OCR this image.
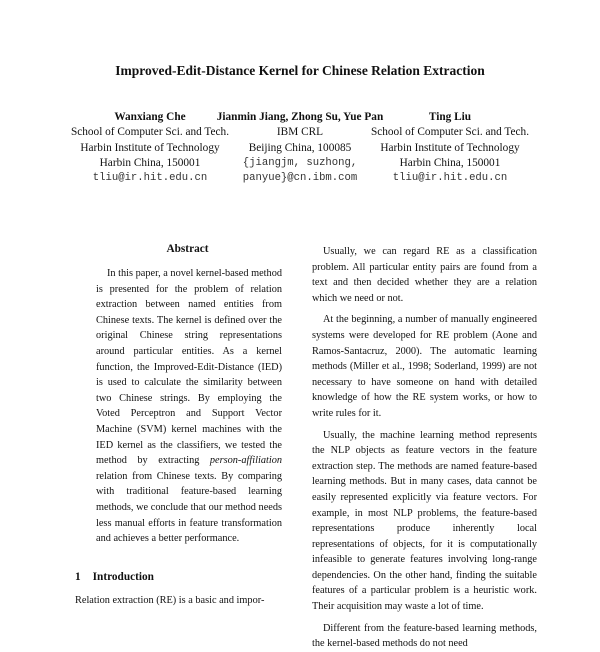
Improved-Edit-Distance Kernel for Chinese Relation Extraction
Wanxiang Che
School of Computer Sci. and Tech.
Harbin Institute of Technology
Harbin China, 150001
tliu@ir.hit.edu.cn
Jianmin Jiang, Zhong Su, Yue Pan
IBM CRL
Beijing China, 100085
{jiangjm, suzhong,
panyue}@cn.ibm.com
Ting Liu
School of Computer Sci. and Tech.
Harbin Institute of Technology
Harbin China, 150001
tliu@ir.hit.edu.cn
Abstract

In this paper, a novel kernel-based method is presented for the problem of relation extraction between named entities from Chinese texts. The kernel is defined over the original Chinese string representations around particular entities. As a kernel function, the Improved-Edit-Distance (IED) is used to calculate the similarity between two Chinese strings. By employing the Voted Perceptron and Support Vector Machine (SVM) kernel machines with the IED kernel as the classifiers, we tested the method by extracting person-affiliation relation from Chinese texts. By comparing with traditional feature-based learning methods, we conclude that our method needs less manual efforts in feature transformation and achieves a better performance.

1 Introduction
Relation extraction (RE) is a basic and impor-

Usually, we can regard RE as a classification problem. All particular entity pairs are found from a text and then decided whether they are a relation which we need or not.

At the beginning, a number of manually engineered systems were developed for RE problem (Aone and Ramos-Santacruz, 2000). The automatic learning methods (Miller et al., 1998; Soderland, 1999) are not necessary to have someone on hand with detailed knowledge of how the RE system works, or how to write rules for it.

Usually, the machine learning method represents the NLP objects as feature vectors in the feature extraction step. The methods are named feature-based learning methods. But in many cases, data cannot be easily represented explicitly via feature vectors. For example, in most NLP problems, the feature-based representations produce inherently local representations of objects, for it is computationally infeasible to generate features involving long-range dependencies. On the other hand, finding the suitable features of a particular problem is a heuristic work. Their acquisition may waste a lot of time.

Different from the feature-based learning methods, the kernel-based methods do not need
